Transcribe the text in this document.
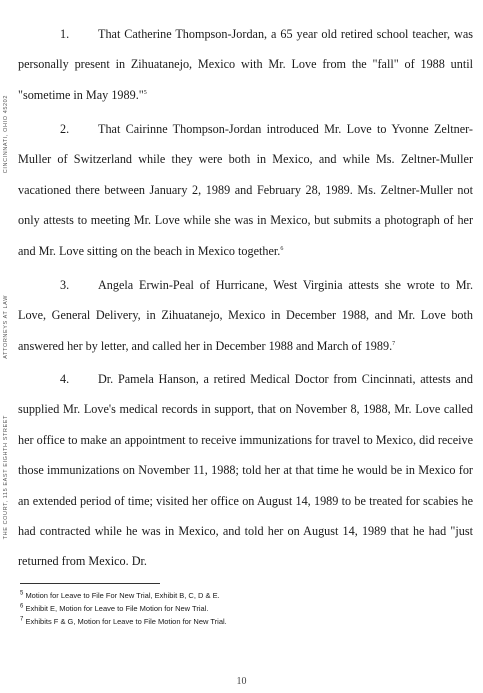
CINCINNATI, OHIO 45202
ATTORNEYS AT LAW
THE COURT, 115 EAST EIGHTH STREET
1. That Catherine Thompson-Jordan, a 65 year old retired school teacher, was personally present in Zihuatanejo, Mexico with Mr. Love from the "fall" of 1988 until "sometime in May 1989."$^5$
2. That Cairinne Thompson-Jordan introduced Mr. Love to Yvonne Zeltner-Muller of Switzerland while they were both in Mexico, and while Ms. Zeltner-Muller vacationed there between January 2, 1989 and February 28, 1989. Ms. Zeltner-Muller not only attests to meeting Mr. Love while she was in Mexico, but submits a photograph of her and Mr. Love sitting on the beach in Mexico together.$^6$
3. Angela Erwin-Peal of Hurricane, West Virginia attests she wrote to Mr. Love, General Delivery, in Zihuatanejo, Mexico in December 1988, and Mr. Love both answered her by letter, and called her in December 1988 and March of 1989.$^7$
4. Dr. Pamela Hanson, a retired Medical Doctor from Cincinnati, attests and supplied Mr. Love's medical records in support, that on November 8, 1988, Mr. Love called her office to make an appointment to receive immunizations for travel to Mexico, did receive those immunizations on November 11, 1988; told her at that time he would be in Mexico for an extended period of time; visited her office on August 14, 1989 to be treated for scabies he had contracted while he was in Mexico, and told her on August 14, 1989 that he had "just returned from Mexico. Dr.
$^5$ Motion for Leave to File For New Trial, Exhibit B, C, D & E.
$^6$ Exhibit E, Motion for Leave to File Motion for New Trial.
$^7$ Exhibits F & G, Motion for Leave to File Motion for New Trial.
10
